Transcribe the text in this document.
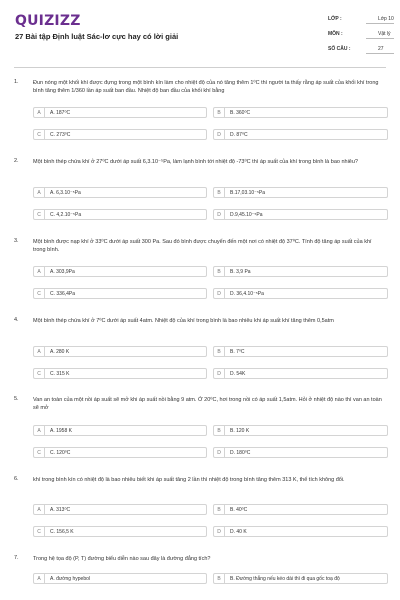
QUIZIZZ
27 Bài tập Định luật Sác-lơ cực hay có lời giải
LỚP :	Lớp 10
MÔN :	Vật lý
SỐ CÂU :	27
1.	Đun nóng một khối khí được đựng trong một bình kín làm cho nhiệt độ của nó tăng thêm 1⁰C thì người ta thấy rằng áp suất của khối khí trong bình tăng thêm 1/360 lần áp suất ban đầu. Nhiệt độ ban đầu của khối khí bằng
A	A. 187⁰C	B	B. 360⁰C
C	C. 273⁰C	D	D. 87⁰C
2.	Một bình thép chứa khí ở 27⁰C dưới áp suất 6,3.10⁻⁵Pa, làm lạnh bình tới nhiệt độ -73⁰C thì áp suất của khí trong bình là bao nhiêu?
A	A. 6,3.10⁻⁵Pa	B	B.17,03.10⁻⁵Pa
C	C. 4,2.10⁻⁵Pa	D	D.9,45.10⁻⁵Pa
3.	Một bình được nạp khí ở 33⁰C dưới áp suất 300 Pa. Sau đó bình được chuyển đến một nơi có nhiệt độ 37⁰C. Tính độ tăng áp suất của khí trong bình.
A	A. 303,9Pa	B	B. 3,9 Pa
C	C. 336,4Pa	D	D. 36,4.10⁻⁵Pa
4.	Một bình thép chứa khí ở 7⁰C dưới áp suất 4atm. Nhiệt độ của khí trong bình là bao nhiêu khi áp suất khí tăng thêm 0,5atm
A	A. 280 K	B	B. 7⁰C
C	C. 315 K	D	D. 54K
5.	Van an toàn của một nồi áp suất sẽ mở khi áp suất nồi bằng 9 atm. Ở 20⁰C, hơi trong nồi có áp suất 1,5atm. Hỏi ở nhiệt độ nào thì van an toàn sẽ mở
A	A. 1958 K	B	B. 120 K
C	C. 120⁰C	D	D. 180⁰C
6.	khí trong bình kín có nhiệt độ là bao nhiêu biết khi áp suất tăng 2 lần thì nhiệt độ trong bình tăng thêm 313 K, thể tích không đổi.
A	A. 313⁰C	B	B. 40⁰C
C	C. 156,5 K	D	D. 40 K
7.	Trong hệ tọa độ (P, T) đường biểu diễn nào sau đây là đường đẳng tích?
A	A. đường hypebol	B	B. Đường thẳng nếu kéo dài thì đi qua gốc toạ độ
